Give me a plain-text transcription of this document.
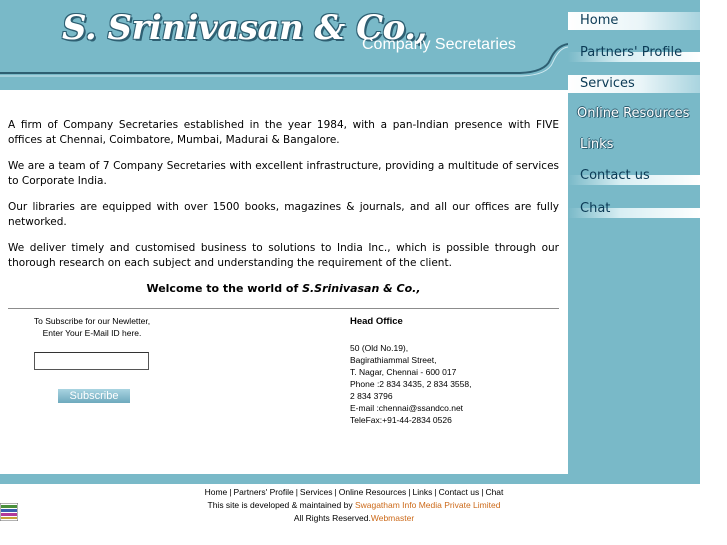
S. Srinivasan & Co.,
Company Secretaries
Home
Partners' Profile
Services
Online Resources
Links
Contact us
Chat

A firm of Company Secretaries established in the year 1984, with a pan-Indian presence with FIVE offices at Chennai, Coimbatore, Mumbai, Madurai & Bangalore.

We are a team of 7 Company Secretaries with excellent infrastructure, providing a multitude of services to Corporate India.

Our libraries are equipped with over 1500 books, magazines & journals, and all our offices are fully networked.

We deliver timely and customised business to solutions to India Inc., which is possible through our thorough research on each subject and understanding the requirement of the client.

Welcome to the world of S.Srinivasan & Co.,
To Subscribe for our Newletter,
Enter Your E-Mail ID here.
Subscribe
Head Office
50 (Old No.19),
Bagirathiammal Street,
T. Nagar, Chennai - 600 017
Phone :2 834 3435, 2 834 3558,
2 834 3796
E-mail :chennai@ssandco.net
TeleFax:+91-44-2834 0526
Home | Partners' Profile | Services | Online Resources | Links | Contact us | Chat
This site is developed & maintained by Swagatham Info Media Private Limited
All Rights Reserved.Webmaster
